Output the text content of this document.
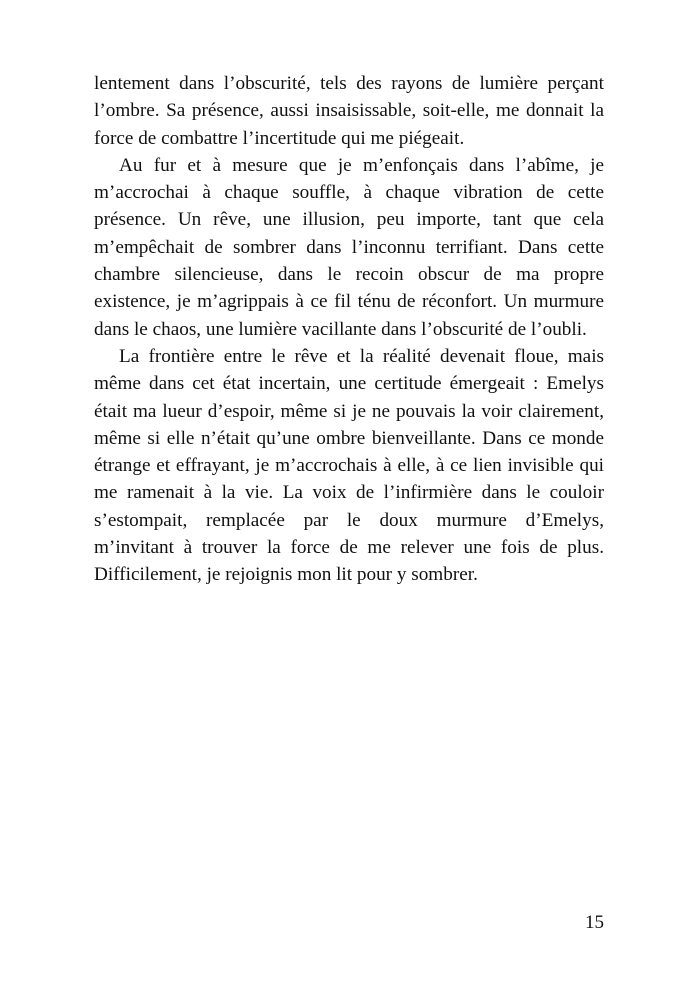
lentement dans l’obscurité, tels des rayons de lumière perçant l’ombre. Sa présence, aussi insaisissable, soit-elle, me donnait la force de combattre l’incertitude qui me piégeait.

Au fur et à mesure que je m’enfonçais dans l’abîme, je m’accrochai à chaque souffle, à chaque vibration de cette présence. Un rêve, une illusion, peu importe, tant que cela m’empêchait de sombrer dans l’inconnu terrifiant. Dans cette chambre silencieuse, dans le recoin obscur de ma propre existence, je m’agrippais à ce fil ténu de réconfort. Un murmure dans le chaos, une lumière vacillante dans l’obscurité de l’oubli.

La frontière entre le rêve et la réalité devenait floue, mais même dans cet état incertain, une certitude émergeait : Emelys était ma lueur d’espoir, même si je ne pouvais la voir clairement, même si elle n’était qu’une ombre bienveillante. Dans ce monde étrange et effrayant, je m’accrochais à elle, à ce lien invisible qui me ramenait à la vie. La voix de l’infirmière dans le couloir s’estompait, remplacée par le doux murmure d’Emelys, m’invitant à trouver la force de me relever une fois de plus. Difficilement, je rejoignis mon lit pour y sombrer.

15
